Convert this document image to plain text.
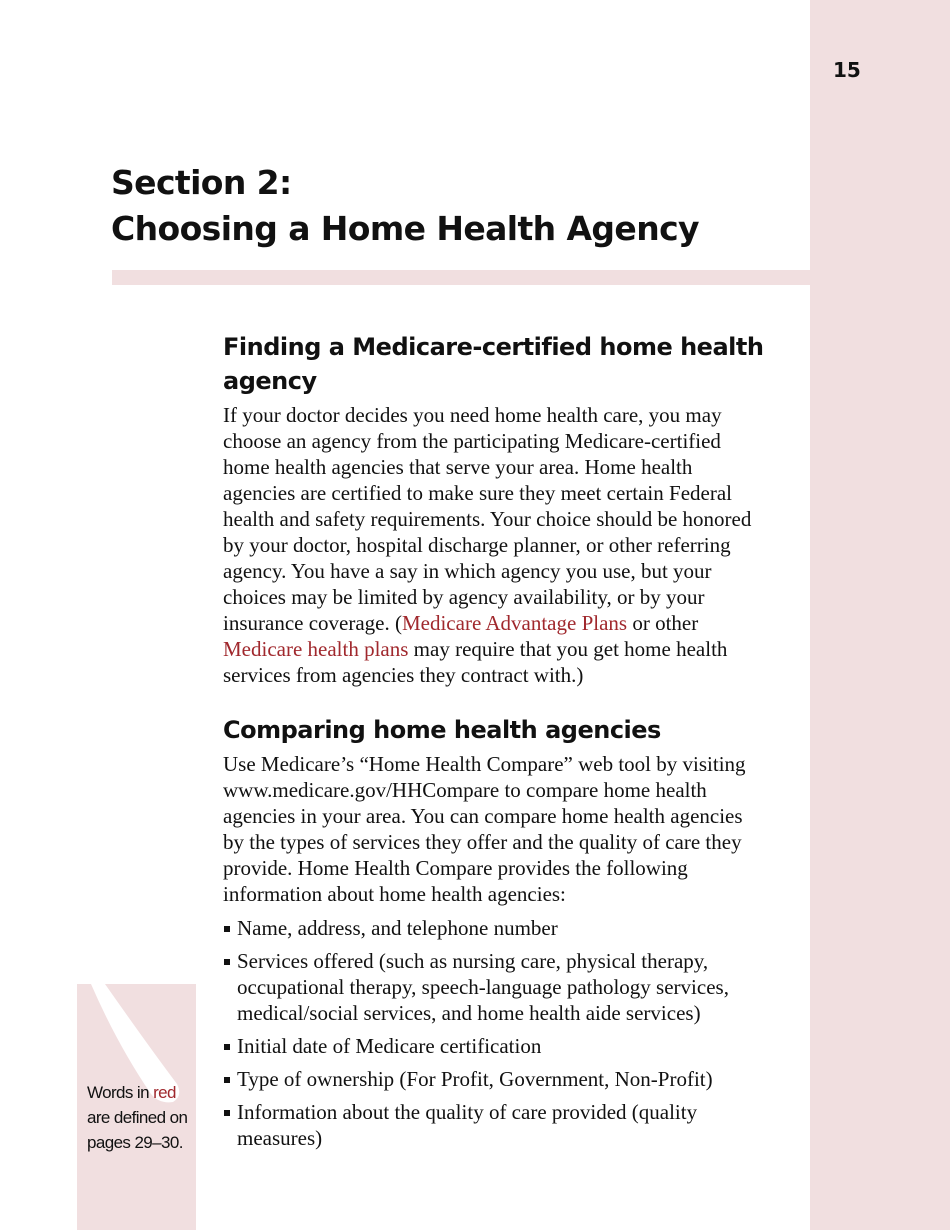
15
Section 2:
Choosing a Home Health Agency
Finding a Medicare-certified home health agency

If your doctor decides you need home health care, you may choose an agency from the participating Medicare-certified home health agencies that serve your area. Home health agencies are certified to make sure they meet certain Federal health and safety requirements. Your choice should be honored by your doctor, hospital discharge planner, or other referring agency. You have a say in which agency you use, but your choices may be limited by agency availability, or by your insurance coverage. (Medicare Advantage Plans or other Medicare health plans may require that you get home health services from agencies they contract with.)

Comparing home health agencies

Use Medicare’s “Home Health Compare” web tool by visiting www.medicare.gov/HHCompare to compare home health agencies in your area. You can compare home health agencies by the types of services they offer and the quality of care they provide. Home Health Compare provides the following information about home health agencies:

Name, address, and telephone number
Services offered (such as nursing care, physical therapy, occupational therapy, speech-language pathology services, medical/social services, and home health aide services)
Initial date of Medicare certification
Type of ownership (For Profit, Government, Non-Profit)
Information about the quality of care provided (quality measures)
Words in red are defined on pages 29–30.
